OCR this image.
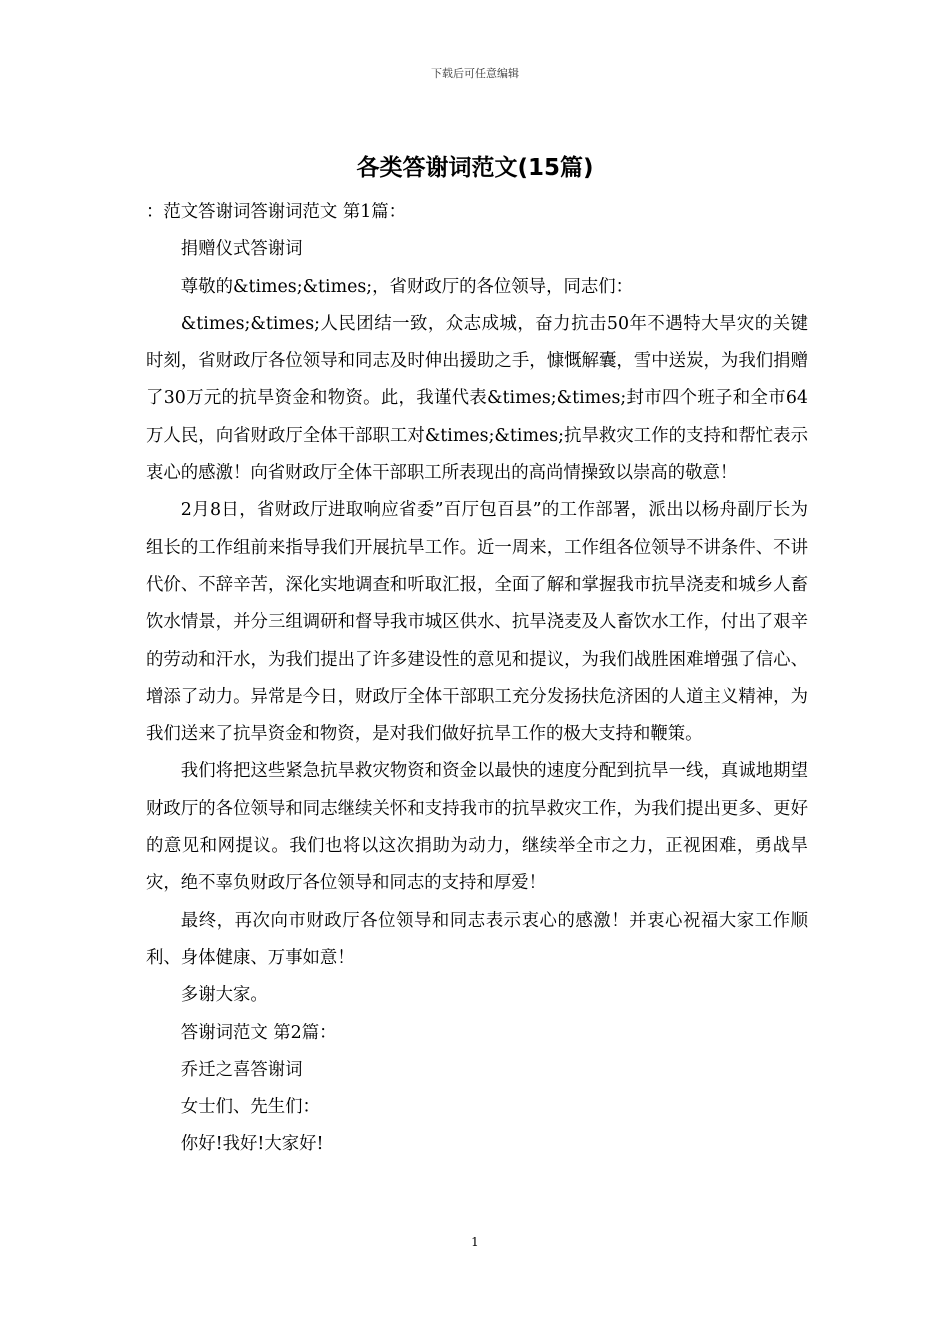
下载后可任意编辑
各类答谢词范文(15篇)

：范文答谢词答谢词范文 第1篇：

捐赠仪式答谢词

尊敬的&times;&times;，省财政厅的各位领导，同志们：

&times;&times;人民团结一致，众志成城，奋力抗击50年不遇特大旱灾的关键时刻，省财政厅各位领导和同志及时伸出援助之手，慷慨解囊，雪中送炭，为我们捐赠了30万元的抗旱资金和物资。此，我谨代表&times;&times;封市四个班子和全市64万人民，向省财政厅全体干部职工对&times;&times;抗旱救灾工作的支持和帮忙表示衷心的感激！向省财政厅全体干部职工所表现出的高尚情操致以崇高的敬意！

2月8日，省财政厅进取响应省委”百厅包百县”的工作部署，派出以杨舟副厅长为组长的工作组前来指导我们开展抗旱工作。近一周来，工作组各位领导不讲条件、不讲代价、不辞辛苦，深化实地调查和听取汇报，全面了解和掌握我市抗旱浇麦和城乡人畜饮水情景，并分三组调研和督导我市城区供水、抗旱浇麦及人畜饮水工作，付出了艰辛的劳动和汗水，为我们提出了许多建设性的意见和提议，为我们战胜困难增强了信心、增添了动力。异常是今日，财政厅全体干部职工充分发扬扶危济困的人道主义精神，为我们送来了抗旱资金和物资，是对我们做好抗旱工作的极大支持和鞭策。

我们将把这些紧急抗旱救灾物资和资金以最快的速度分配到抗旱一线，真诚地期望财政厅的各位领导和同志继续关怀和支持我市的抗旱救灾工作，为我们提出更多、更好的意见和网提议。我们也将以这次捐助为动力，继续举全市之力，正视困难，勇战旱灾，绝不辜负财政厅各位领导和同志的支持和厚爱！

最终，再次向市财政厅各位领导和同志表示衷心的感激！并衷心祝福大家工作顺利、身体健康、万事如意！

多谢大家。

答谢词范文 第2篇：

乔迁之喜答谢词

女士们、先生们：

你好!我好!大家好!

1
